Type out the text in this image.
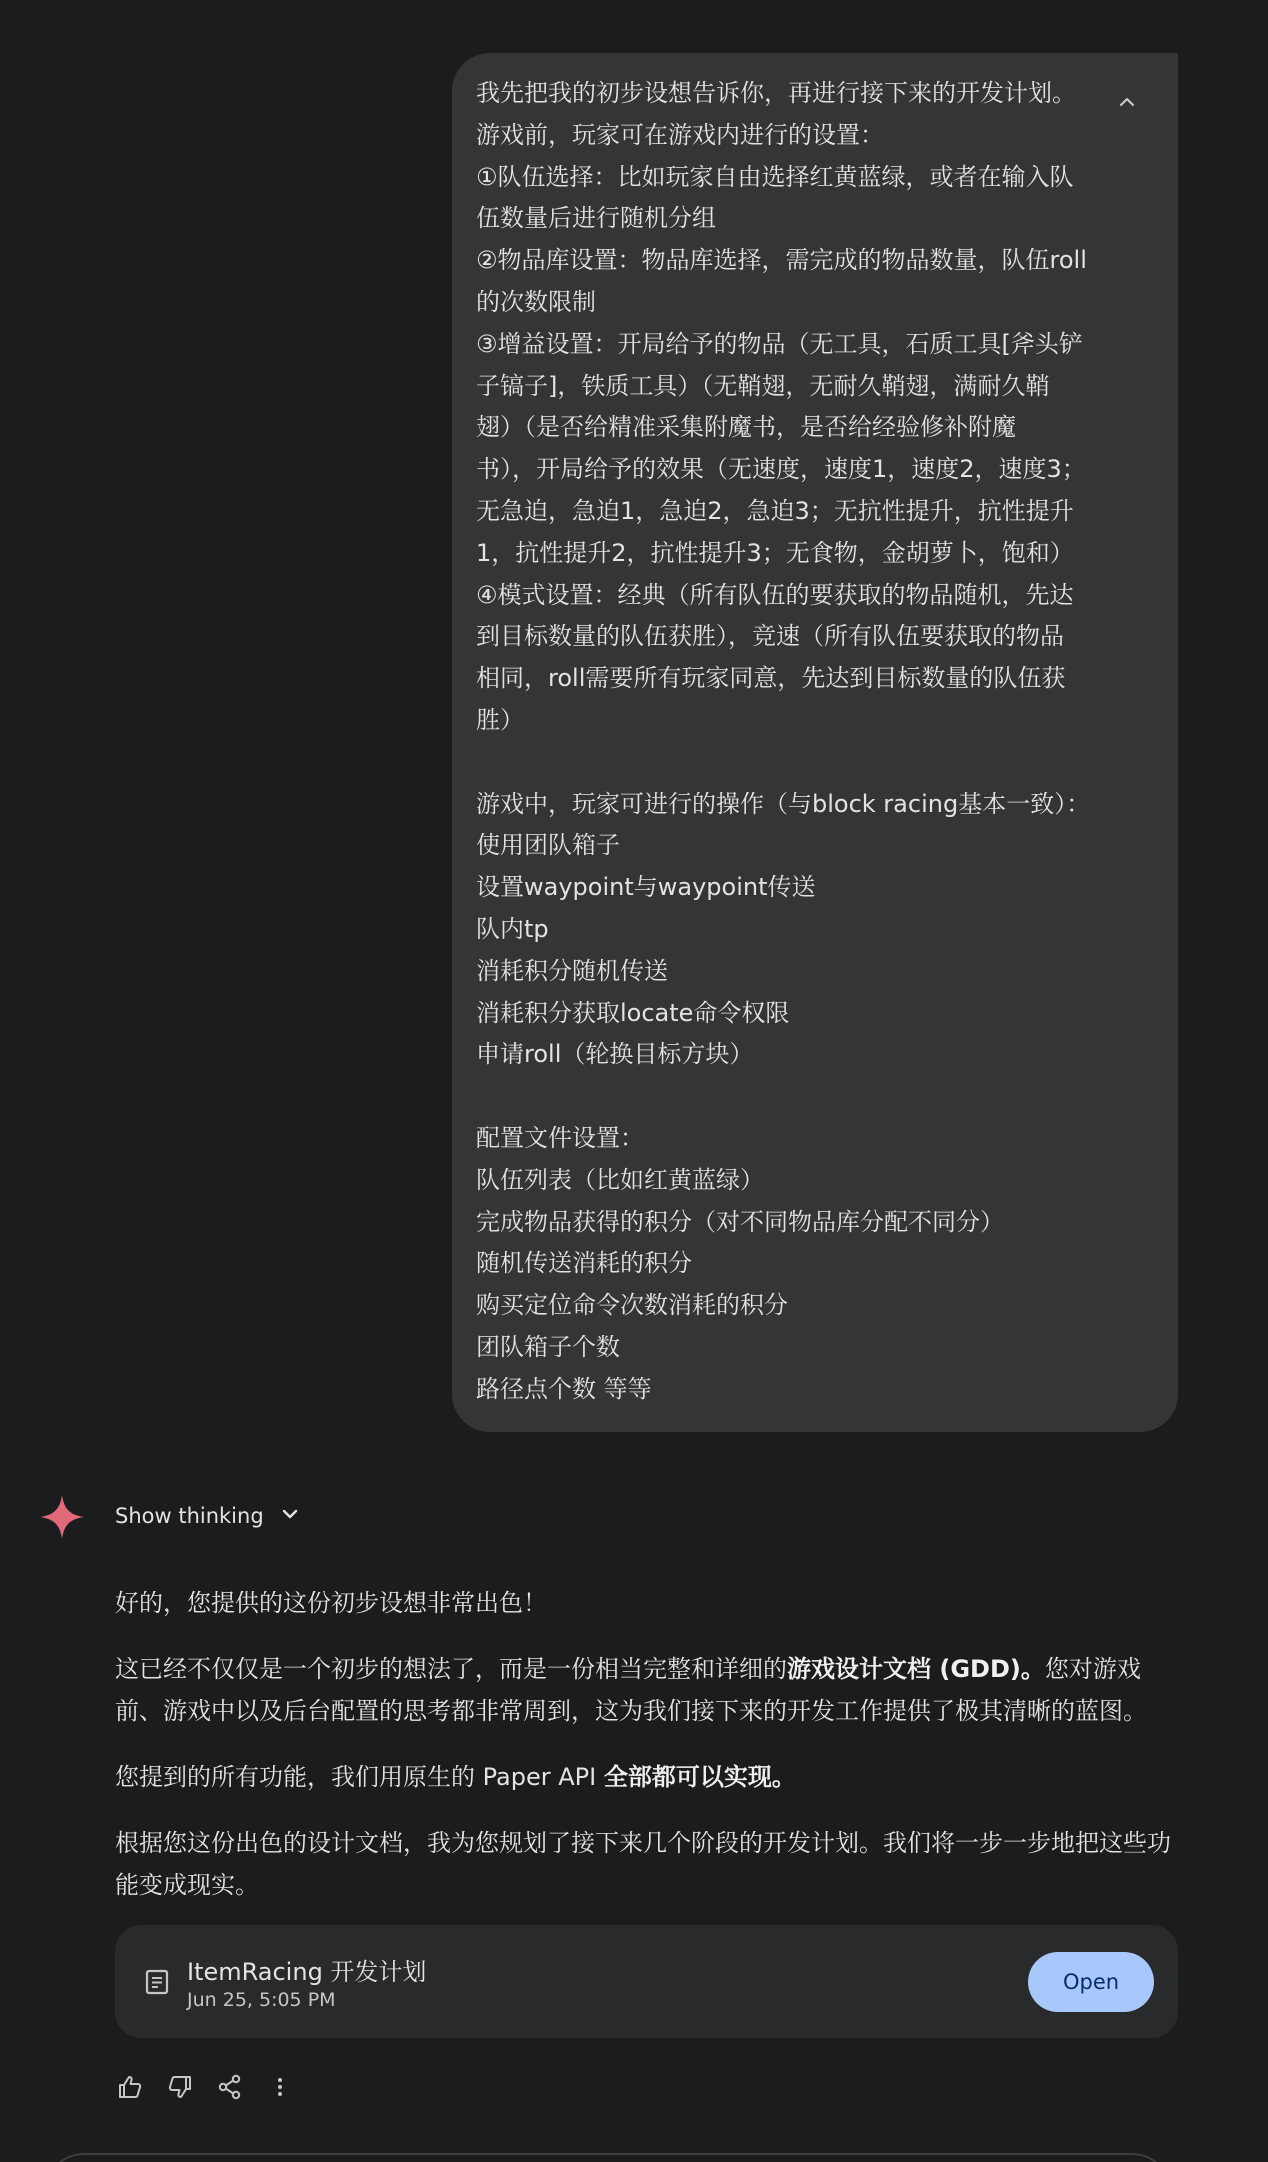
我先把我的初步设想告诉你，再进行接下来的开发计划。
游戏前，玩家可在游戏内进行的设置：
①队伍选择：比如玩家自由选择红黄蓝绿，或者在输入队
伍数量后进行随机分组
②物品库设置：物品库选择，需完成的物品数量，队伍roll
的次数限制
③增益设置：开局给予的物品（无工具，石质工具[斧头铲
子镐子]，铁质工具）（无鞘翅，无耐久鞘翅，满耐久鞘
翅）（是否给精准采集附魔书，是否给经验修补附魔
书），开局给予的效果（无速度，速度1，速度2，速度3；
无急迫，急迫1，急迫2，急迫3；无抗性提升，抗性提升
1，抗性提升2，抗性提升3；无食物，金胡萝卜，饱和）
④模式设置：经典（所有队伍的要获取的物品随机，先达
到目标数量的队伍获胜），竞速（所有队伍要获取的物品
相同，roll需要所有玩家同意，先达到目标数量的队伍获
胜）
游戏中，玩家可进行的操作（与block racing基本一致）：
使用团队箱子
设置waypoint与waypoint传送
队内tp
消耗积分随机传送
消耗积分获取locate命令权限
申请roll（轮换目标方块）
配置文件设置：
队伍列表（比如红黄蓝绿）
完成物品获得的积分（对不同物品库分配不同分）
随机传送消耗的积分
购买定位命令次数消耗的积分
团队箱子个数
路径点个数 等等
Show thinking

好的，您提供的这份初步设想非常出色！

这已经不仅仅是一个初步的想法了，而是一份相当完整和详细的游戏设计文档 (GDD)。您对游戏前、游戏中以及后台配置的思考都非常周到，这为我们接下来的开发工作提供了极其清晰的蓝图。

您提到的所有功能，我们用原生的 Paper API 全部都可以实现。

根据您这份出色的设计文档，我为您规划了接下来几个阶段的开发计划。我们将一步一步地把这些功能变成现实。

ItemRacing 开发计划
Jun 25, 5:05 PM
Open
